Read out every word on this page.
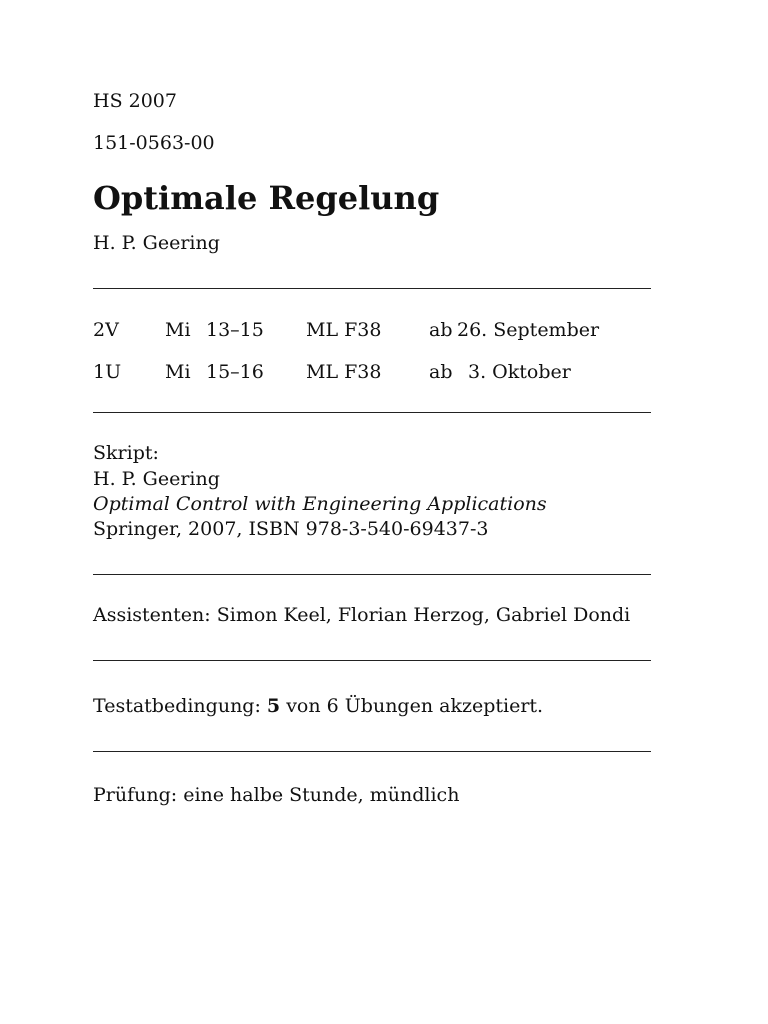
HS 2007
151-0563-00
Optimale Regelung
H. P. Geering
2V Mi 13–15 ML F38	ab 26. September
1U Mi 15–16 ML F38	ab 3. Oktober
Skript:
H. P. Geering
Optimal Control with Engineering Applications
Springer, 2007, ISBN 978-3-540-69437-3
Assistenten: Simon Keel, Florian Herzog, Gabriel Dondi
Testatbedingung: 5 von 6 Übungen akzeptiert.
Prüfung: eine halbe Stunde, mündlich
